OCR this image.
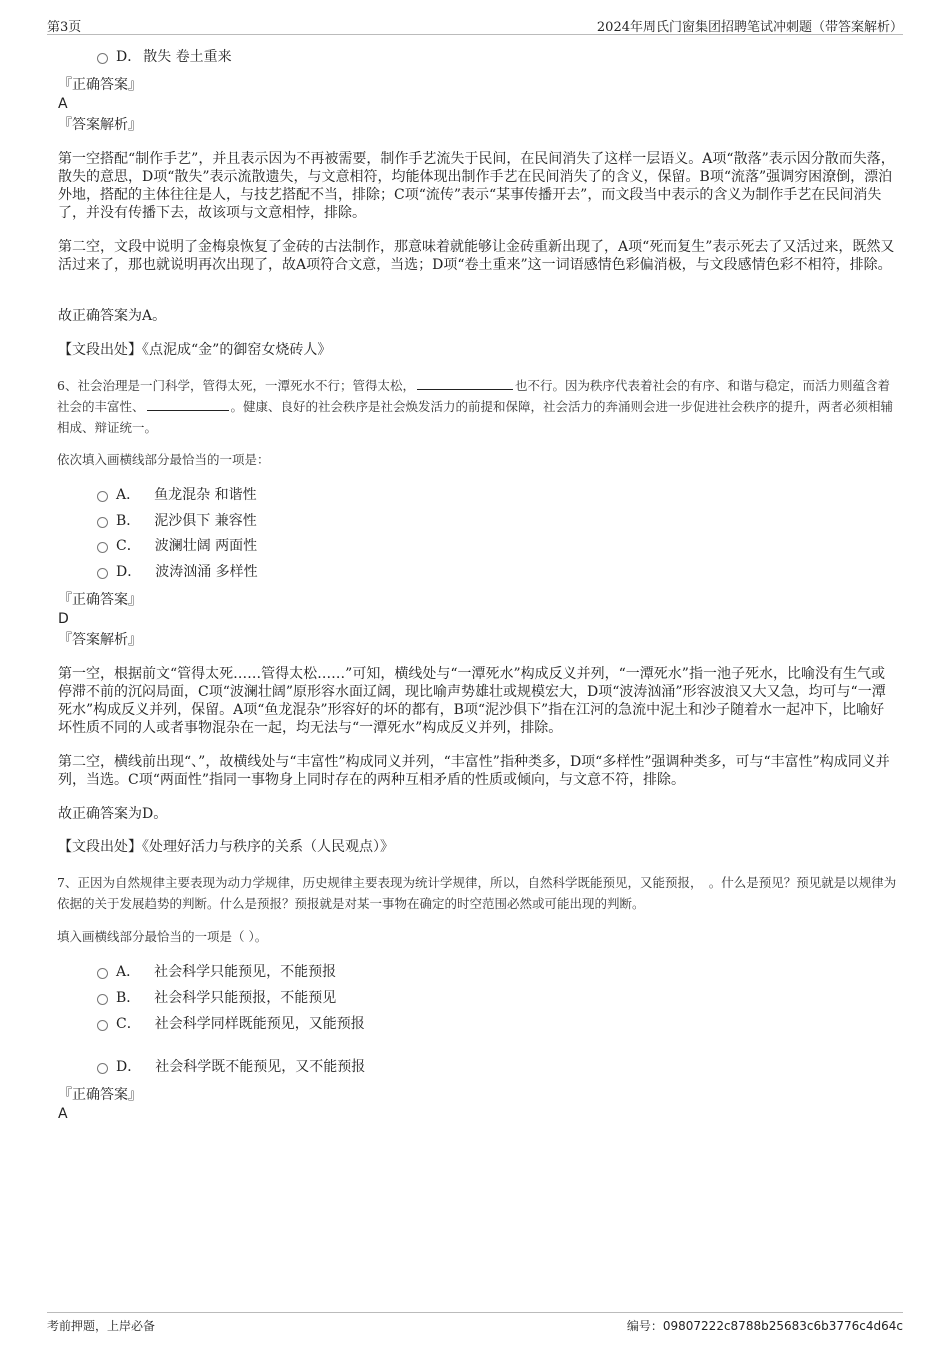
第3页	2024年周氏门窗集团招聘笔试冲刺题（带答案解析）
D． 散失 卷土重来
『正确答案』
A
『答案解析』
第一空搭配“制作手艺”，并且表示因为不再被需要，制作手艺流失于民间，在民间消失了这样一层语义。A项“散落”表示因分散而失落，散失的意思，D项“散失”表示流散遗失，与文意相符，均能体现出制作手艺在民间消失了的含义，保留。B项“流落”强调穷困潦倒，漂泊外地，搭配的主体往往是人，与技艺搭配不当，排除；C项“流传”表示“某事传播开去”，而文段当中表示的含义为制作手艺在民间消失了，并没有传播下去，故该项与文意相悖，排除。
第二空，文段中说明了金梅泉恢复了金砖的古法制作，那意味着就能够让金砖重新出现了，A项“死而复生”表示死去了又活过来，既然又活过来了，那也就说明再次出现了，故A项符合文意，当选；D项“卷土重来”这一词语感情色彩偏消极，与文段感情色彩不相符，排除。
故正确答案为A。
【文段出处】《点泥成“金”的御窑女烧砖人》
6、社会治理是一门科学，管得太死，一潭死水不行；管得太松，	也不行。因为秩序代表着社会的有序、和谐与稳定，而活力则蕴含着社会的丰富性、	。健康、良好的社会秩序是社会焕发活力的前提和保障，社会活力的奔涌则会进一步促进社会秩序的提升，两者必须相辅相成、辩证统一。
依次填入画横线部分最恰当的一项是：
A． 鱼龙混杂 和谐性
B． 泥沙俱下 兼容性
C． 波澜壮阔 两面性
D． 波涛汹涌 多样性
『正确答案』
D
『答案解析』
第一空，根据前文“管得太死……管得太松……”可知，横线处与“一潭死水”构成反义并列，“一潭死水”指一池子死水，比喻没有生气或停滞不前的沉闷局面，C项“波澜壮阔”原形容水面辽阔，现比喻声势雄壮或规模宏大，D项“波涛汹涌”形容波浪又大又急，均可与“一潭死水”构成反义并列，保留。A项“鱼龙混杂”形容好的坏的都有，B项“泥沙俱下”指在江河的急流中泥土和沙子随着水一起冲下，比喻好坏性质不同的人或者事物混杂在一起，均无法与“一潭死水”构成反义并列，排除。
第二空，横线前出现“、”，故横线处与“丰富性”构成同义并列，“丰富性”指种类多，D项“多样性”强调种类多，可与“丰富性”构成同义并列，当选。C项“两面性”指同一事物身上同时存在的两种互相矛盾的性质或倾向，与文意不符，排除。
故正确答案为D。
【文段出处】《处理好活力与秩序的关系（人民观点）》
7、正因为自然规律主要表现为动力学规律，历史规律主要表现为统计学规律，所以，自然科学既能预见，又能预报，　。什么是预见？预见就是以规律为依据的关于发展趋势的判断。什么是预报？预报就是对某一事物在确定的时空范围必然或可能出现的判断。
填入画横线部分最恰当的一项是（ ）。
A． 社会科学只能预见，不能预报
B． 社会科学只能预报，不能预见
C． 社会科学同样既能预见，又能预报
D． 社会科学既不能预见，又不能预报
『正确答案』
A
考前押题，上岸必备	编号：09807222c8788b25683c6b3776c4d64c
